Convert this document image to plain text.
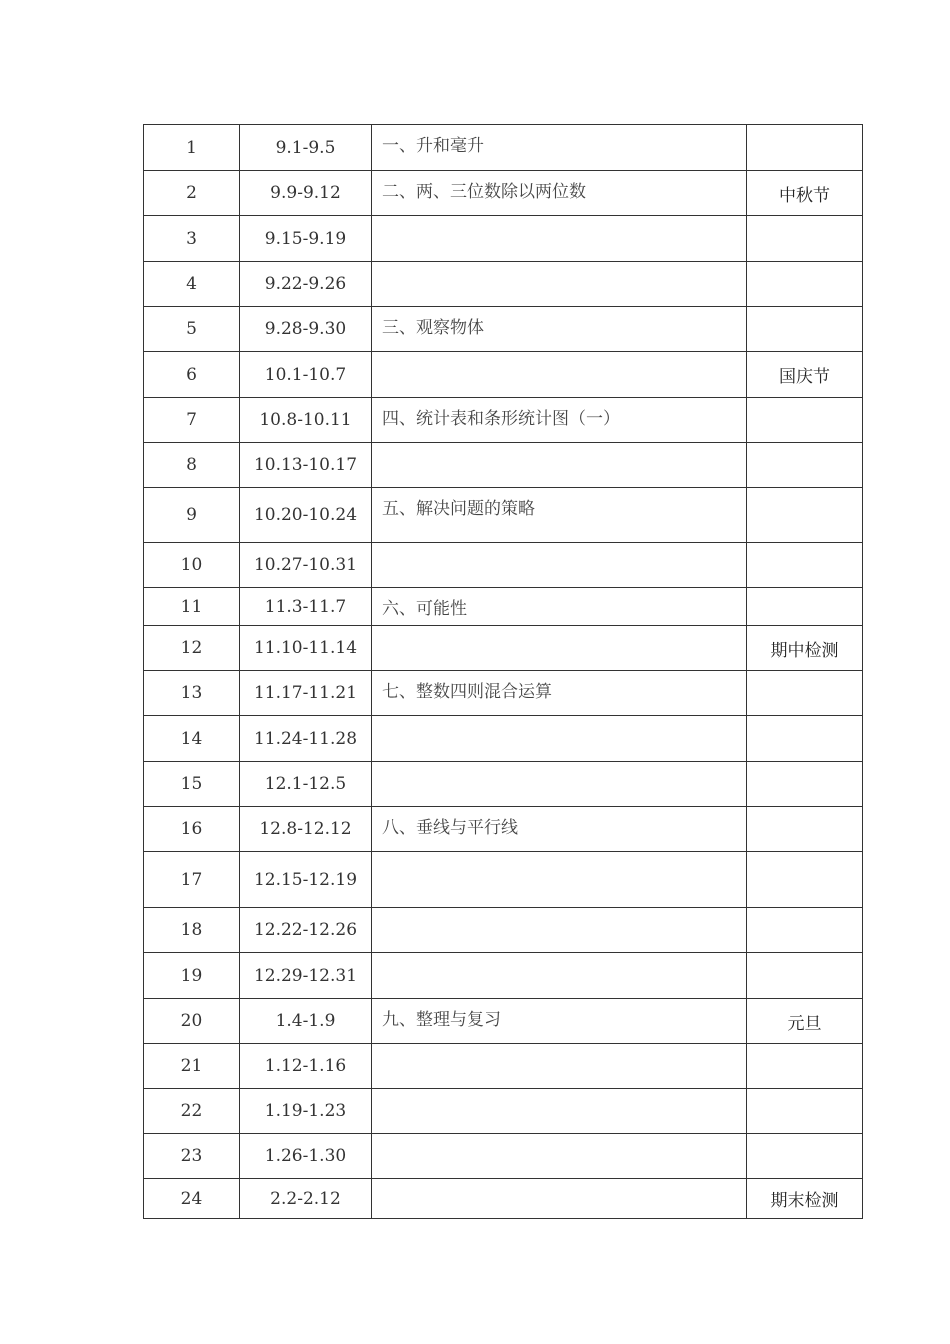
1	9.1-9.5	一、升和毫升	
2	9.9-9.12	二、两、三位数除以两位数	中秋节
3	9.15-9.19		
4	9.22-9.26		
5	9.28-9.30	三、观察物体	
6	10.1-10.7		国庆节
7	10.8-10.11	四、统计表和条形统计图（一）	
8	10.13-10.17		
9	10.20-10.24	五、解决问题的策略	
10	10.27-10.31		
11	11.3-11.7	六、可能性	
12	11.10-11.14		期中检测
13	11.17-11.21	七、整数四则混合运算	
14	11.24-11.28		
15	12.1-12.5		
16	12.8-12.12	八、垂线与平行线	
17	12.15-12.19		
18	12.22-12.26		
19	12.29-12.31		
20	1.4-1.9	九、整理与复习	元旦
21	1.12-1.16		
22	1.19-1.23		
23	1.26-1.30		
24	2.2-2.12		期末检测
